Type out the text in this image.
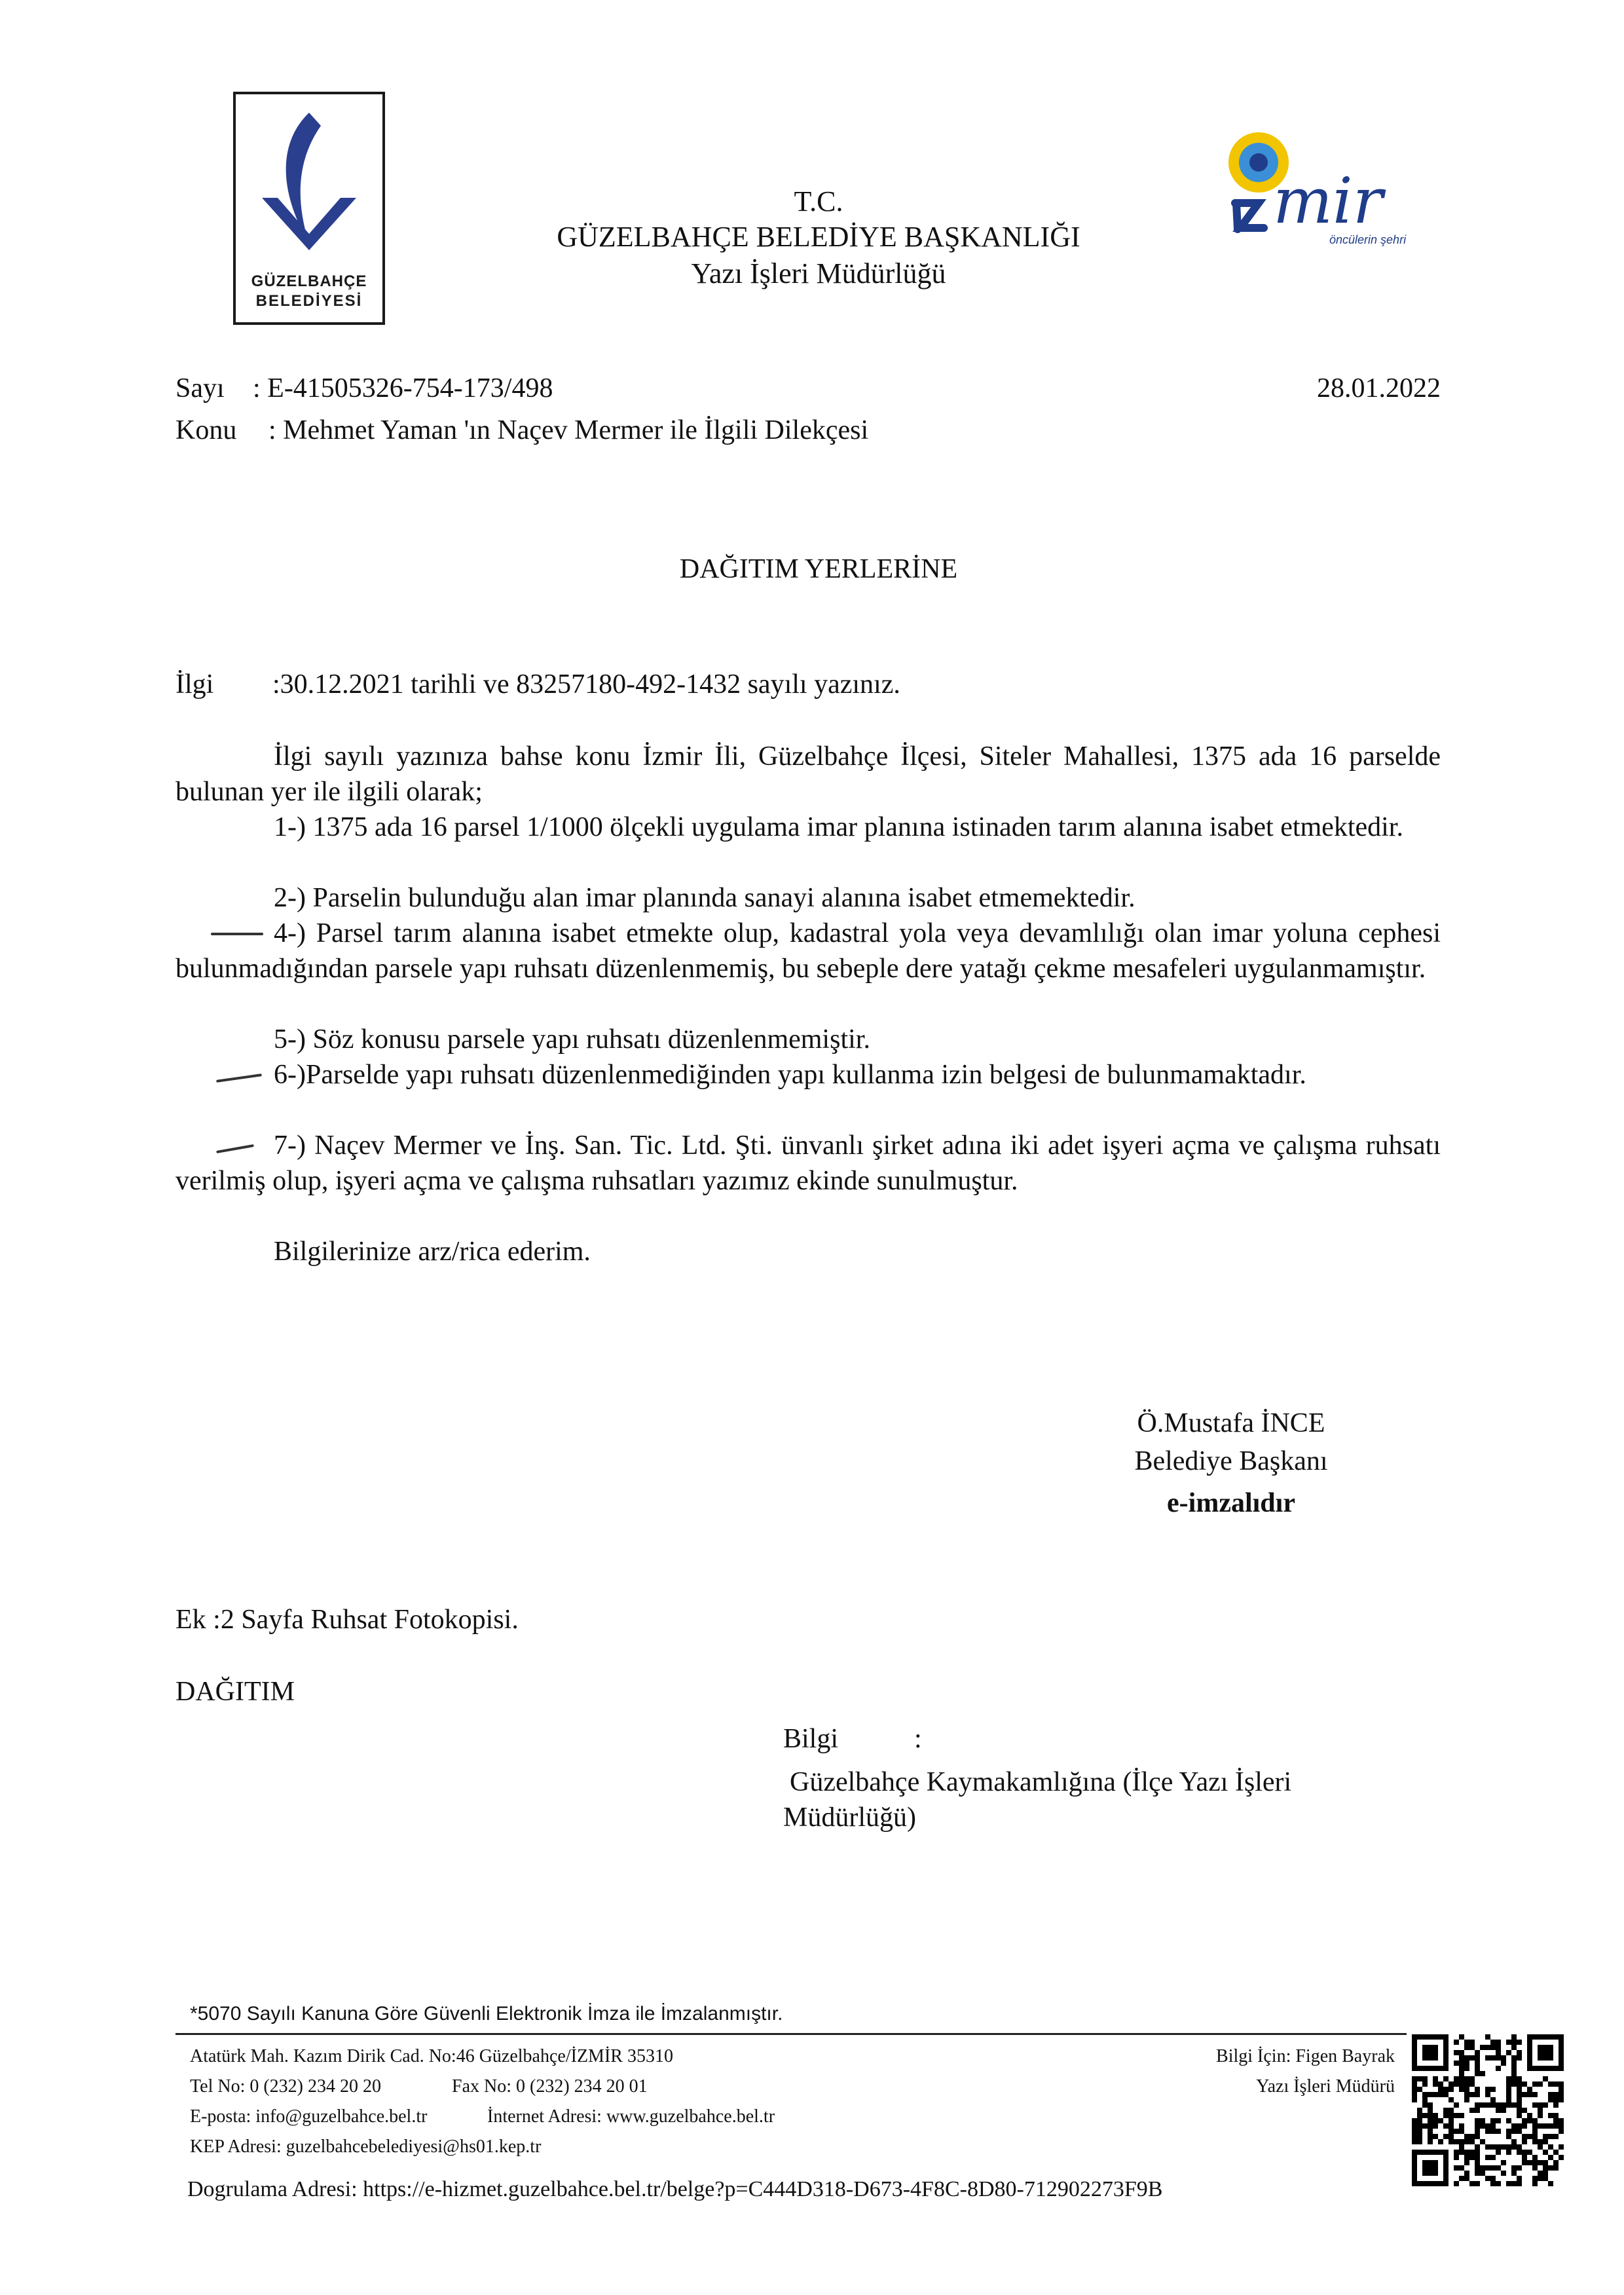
GÜZELBAHÇE
BELEDİYESİ
T.C.
GÜZELBAHÇE BELEDİYE BAŞKANLIĞI
Yazı İşleri Müdürlüğü
mir
öncülerin şehri
Sayı : E-41505326-754-173/498	28.01.2022
Konu : Mehmet Yaman 'ın Naçev Mermer ile İlgili Dilekçesi
DAĞITIM YERLERİNE
İlgi :30.12.2021 tarihli ve 83257180-492-1432 sayılı yazınız.
İlgi sayılı yazınıza bahse konu İzmir İli, Güzelbahçe İlçesi, Siteler Mahallesi, 1375 ada 16 parselde bulunan yer ile ilgili olarak;
1-) 1375 ada 16 parsel 1/1000 ölçekli uygulama imar planına istinaden tarım alanına isabet etmektedir.
2-) Parselin bulunduğu alan imar planında sanayi alanına isabet etmemektedir.
4-) Parsel tarım alanına isabet etmekte olup, kadastral yola veya devamlılığı olan imar yoluna cephesi bulunmadığından parsele yapı ruhsatı düzenlenmemiş, bu sebeple dere yatağı çekme mesafeleri uygulanmamıştır.
5-) Söz konusu parsele yapı ruhsatı düzenlenmemiştir.
6-)Parselde yapı ruhsatı düzenlenmediğinden yapı kullanma izin belgesi de bulunmamaktadır.
7-) Naçev Mermer ve İnş. San. Tic. Ltd. Şti. ünvanlı şirket adına iki adet işyeri açma ve çalışma ruhsatı verilmiş olup, işyeri açma ve çalışma ruhsatları yazımız ekinde sunulmuştur.
Bilgilerinize arz/rica ederim.
Ö.Mustafa İNCE
Belediye Başkanı
e-imzalıdır
Ek :2 Sayfa Ruhsat Fotokopisi.
DAĞITIM
Bilgi	:
Güzelbahçe Kaymakamlığına (İlçe Yazı İşleri
Müdürlüğü)
*5070 Sayılı Kanuna Göre Güvenli Elektronik İmza ile İmzalanmıştır.
Atatürk Mah. Kazım Dirik Cad. No:46 Güzelbahçe/İZMİR 35310
Tel No: 0 (232) 234 20 20	Fax No: 0 (232) 234 20 01
E-posta: info@guzelbahce.bel.tr	İnternet Adresi: www.guzelbahce.bel.tr
KEP Adresi: guzelbahcebelediyesi@hs01.kep.tr
Bilgi İçin: Figen Bayrak
Yazı İşleri Müdürü
Dogrulama Adresi: https://e-hizmet.guzelbahce.bel.tr/belge?p=C444D318-D673-4F8C-8D80-712902273F9B
